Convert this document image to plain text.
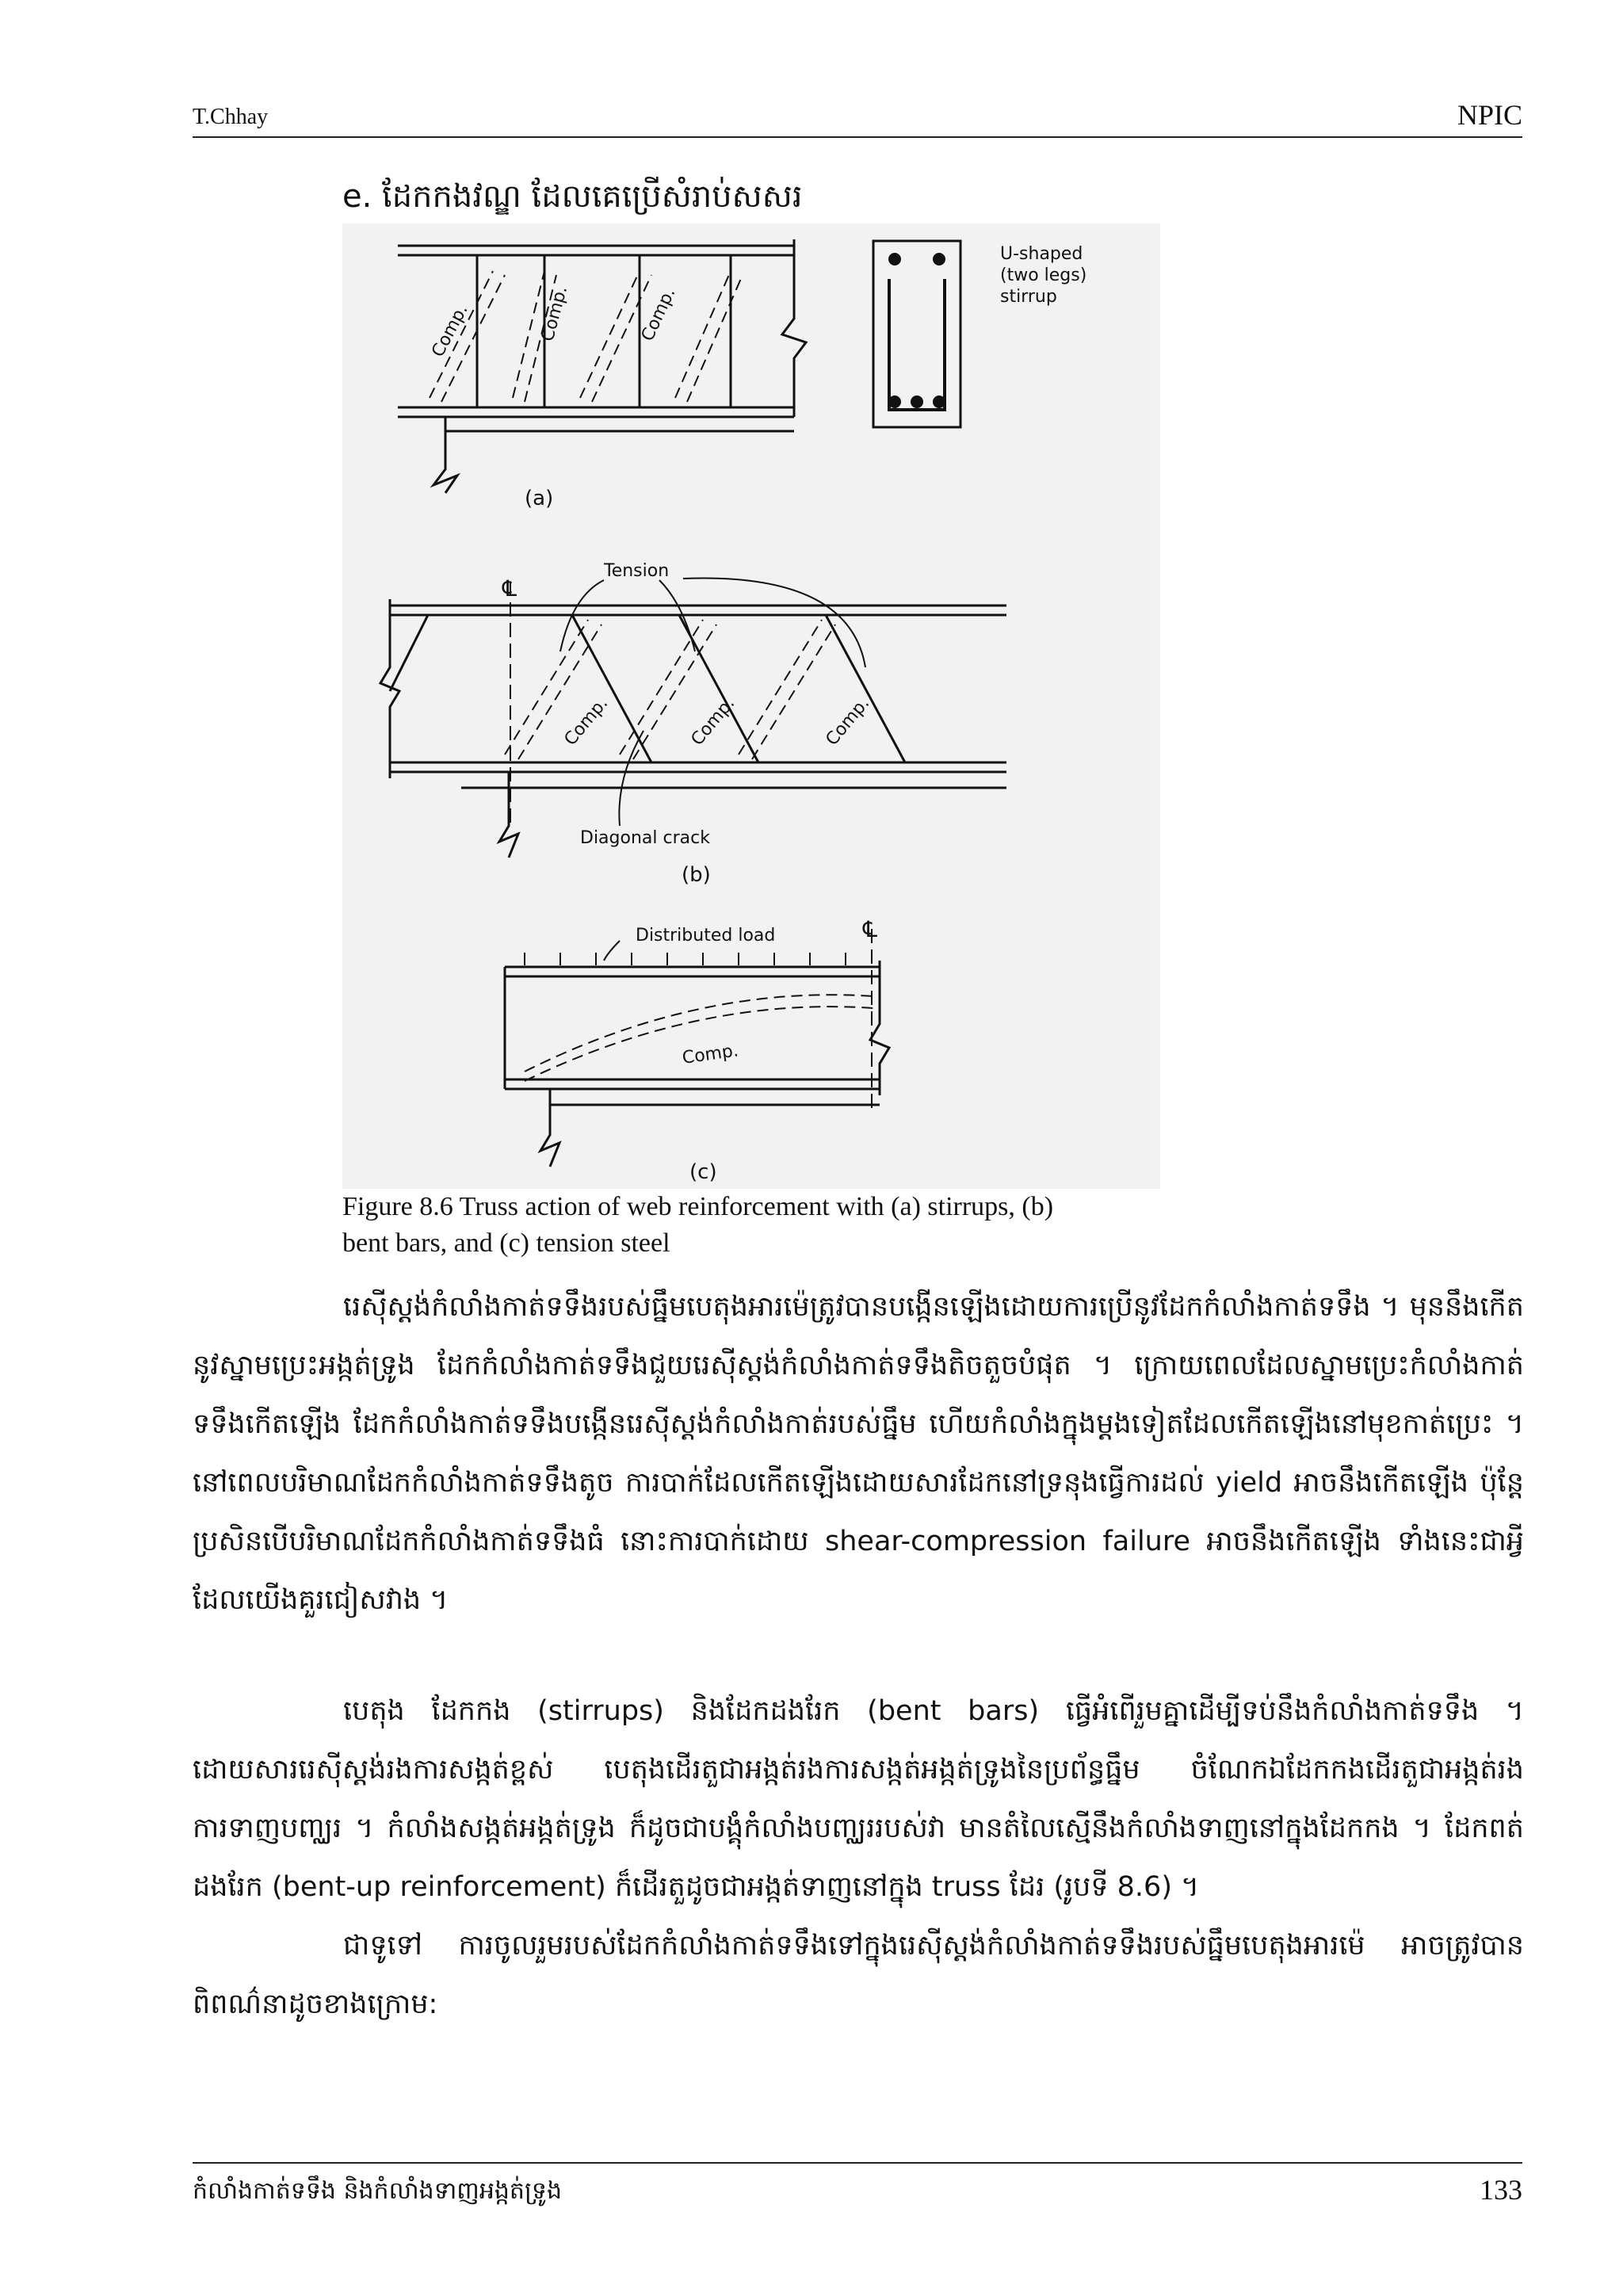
T.Chhay	NPIC
e. ដែកកងវណ្ឌ ដែលគេប្រើសំរាប់សសរ
Comp.	Comp.	Comp.
(a)
U-shaped
(two legs)
stirrup
℄
Tension
Comp.	Comp.	Comp.
Diagonal crack
(b)
Distributed load	℄
Comp.
(c)
Figure 8.6 Truss action of web reinforcement with (a) stirrups, (b)
bent bars, and (c) tension steel

រេស៊ីស្តង់កំលាំងកាត់ទទឹងរបស់ធ្នឹមបេតុងអារម៉េត្រូវបានបង្កើនឡើងដោយការប្រើនូវដែកកំលាំងកាត់ទទឹង ។ មុននឹងកើតនូវស្នាមប្រេះអង្កត់ទ្រូង ដែកកំលាំងកាត់ទទឹងជួយរេស៊ីស្តង់កំលាំងកាត់ទទឹងតិចតួចបំផុត ។ ក្រោយពេលដែលស្នាមប្រេះកំលាំងកាត់ទទឹងកើតឡើង ដែកកំលាំងកាត់ទទឹងបង្កើនរេស៊ីស្តង់កំលាំងកាត់របស់ធ្នឹម ហើយកំលាំងក្នុងម្តងទៀតដែលកើតឡើងនៅមុខកាត់ប្រេះ ។ នៅពេលបរិមាណដែកកំលាំងកាត់ទទឹងតូច ការបាក់ដែលកើតឡើងដោយសារដែកនៅទ្រនុងធ្វើការដល់ yield អាចនឹងកើតឡើង ប៉ុន្តែប្រសិនបើបរិមាណដែកកំលាំងកាត់ទទឹងធំ នោះការបាក់ដោយ shear-compression failure អាចនឹងកើតឡើង ទាំងនេះជាអ្វីដែលយើងគួរជៀសវាង ។

បេតុង ដែកកង (stirrups) និងដែកដងរែក (bent bars) ធ្វើអំពើរួមគ្នាដើម្បីទប់នឹងកំលាំងកាត់ទទឹង ។ ដោយសាររេស៊ីស្តង់រងការសង្កត់ខ្ពស់ បេតុងដើរតួជាអង្កត់រងការសង្កត់អង្កត់ទ្រូងនៃប្រព័ន្ធធ្នឹម ចំណែកឯដែកកងដើរតួជាអង្កត់រងការទាញបញ្ឈរ ។ កំលាំងសង្កត់អង្កត់ទ្រូង ក៏ដូចជាបង្គុំកំលាំងបញ្ឈររបស់វា មានតំលៃស្មើនឹងកំលាំងទាញនៅក្នុងដែកកង ។ ដែកពត់ដងរែក (bent-up reinforcement) ក៏ដើរតួដូចជាអង្កត់ទាញនៅក្នុង truss ដែរ (រូបទី 8.6) ។

ជាទូទៅ ការចូលរួមរបស់ដែកកំលាំងកាត់ទទឹងទៅក្នុងរេស៊ីស្តង់កំលាំងកាត់ទទឹងរបស់ធ្នឹមបេតុងអារម៉េ អាចត្រូវបានពិពណ៌នាដូចខាងក្រោម:

កំលាំងកាត់ទទឹង និងកំលាំងទាញអង្កត់ទ្រូង	133
